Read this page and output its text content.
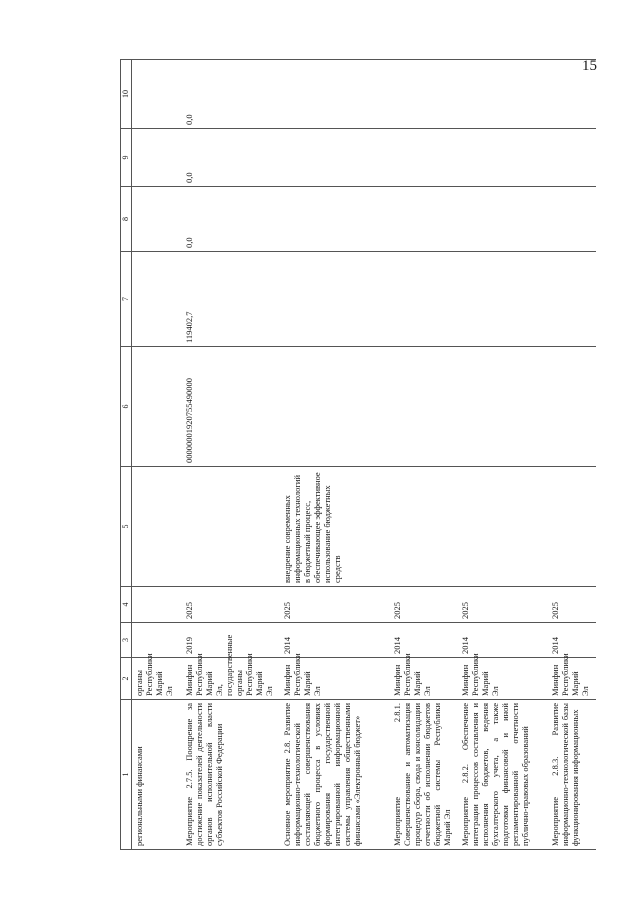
15
1	2	3	4	5	6	7	8	9	10
региональными финансами	органы Республики Марий Эл								
Мероприятие 2.7.5. Поощрение за достижение показателей деятельности органов исполнительной власти субъектов Российской Федерации	Минфин Республики Марий Эл, государственные органы Республики Марий Эл	2019	2025		00000001920755490000	119402,7	0,0	0,0	0,0
Основное мероприятие 2.8. Развитие информационно-технологической составляющей совершенствования бюджетного процесса в условиях формирования государственной интегрированной информационной системы управления общественными финансами «Электронный бюджет»	Минфин Республики Марий Эл	2014	2025	внедрение современных информационных технологий в бюджетный процесс, обеспечивающее эффективное использование бюджетных средств					
Мероприятие 2.8.1. Совершенствование и автоматизация процедур сбора, свода и консолидации отчетности об исполнении бюджетов бюджетной системы Республики Марий Эл	Минфин Республики Марий Эл	2014	2025						
Мероприятие 2.8.2. Обеспечение интеграции процессов составления и исполнения бюджетов, ведения бухгалтерского учета, а также подготовки финансовой и иной регламентированной отчетности публично-правовых образований	Минфин Республики Марий Эл	2014	2025						
Мероприятие 2.8.3. Развитие информационно-технологической базы функционирования информационных	Минфин Республики Марий Эл	2014	2025						
